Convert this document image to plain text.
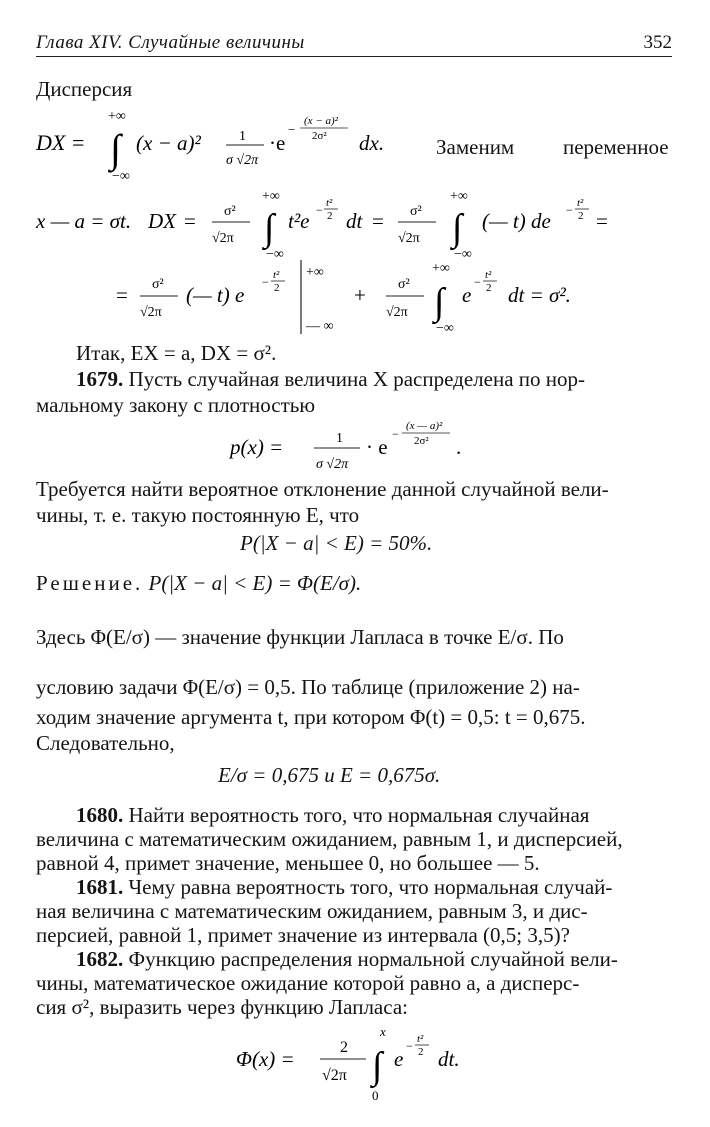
Глава XIV. Случайные величины	352
Дисперсия
DX = ∫
+∞
−∞
(x − a)²	1
σ √2π
·e
−
(x − a)²
2σ² dx. Заменим переменное
x — a = σt. DX = σ²
√2π ∫
+∞
−∞
t²e − t²
2 dt = σ²
√2π ∫
+∞
−∞
(— t) de − t²
2 =
= σ²
√2π
(— t) e
− t²
2
+∞
— ∞
+ σ²
√2π ∫
+∞
−∞
e
− t²
2 dt = σ².
Итак, EX = a, DX = σ².
1679. Пусть случайная величина X распределена по нор-
мальному закону с плотностью
p(x) =	1
σ √2π
· e
−
(x — a)²
2σ² .
Требуется найти вероятное отклонение данной случайной вели-
чины, т. е. такую постоянную E, что
P(|X − a| < E) = 50%.
Решение. P(|X − a| < E) = Φ(E/σ).
Здесь Φ(E/σ) — значение функции Лапласа в точке E/σ. По
условию задачи Φ(E/σ) = 0,5. По таблице (приложение 2) на-
ходим значение аргумента t, при котором Φ(t) = 0,5: t = 0,675.
Следовательно,
E/σ = 0,675 и E = 0,675σ.
1680. Найти вероятность того, что нормальная случайная
величина с математическим ожиданием, равным 1, и дисперсией,
равной 4, примет значение, меньшее 0, но большее — 5.
1681. Чему равна вероятность того, что нормальная случай-
ная величина с математическим ожиданием, равным 3, и дис-
персией, равной 1, примет значение из интервала (0,5; 3,5)?
1682. Функцию распределения нормальной случайной вели-
чины, математическое ожидание которой равно a, а дисперс-
сия σ², выразить через функцию Лапласа:
Φ(x) =	2
√2π ∫
x
0
e
− t²
2 dt.
